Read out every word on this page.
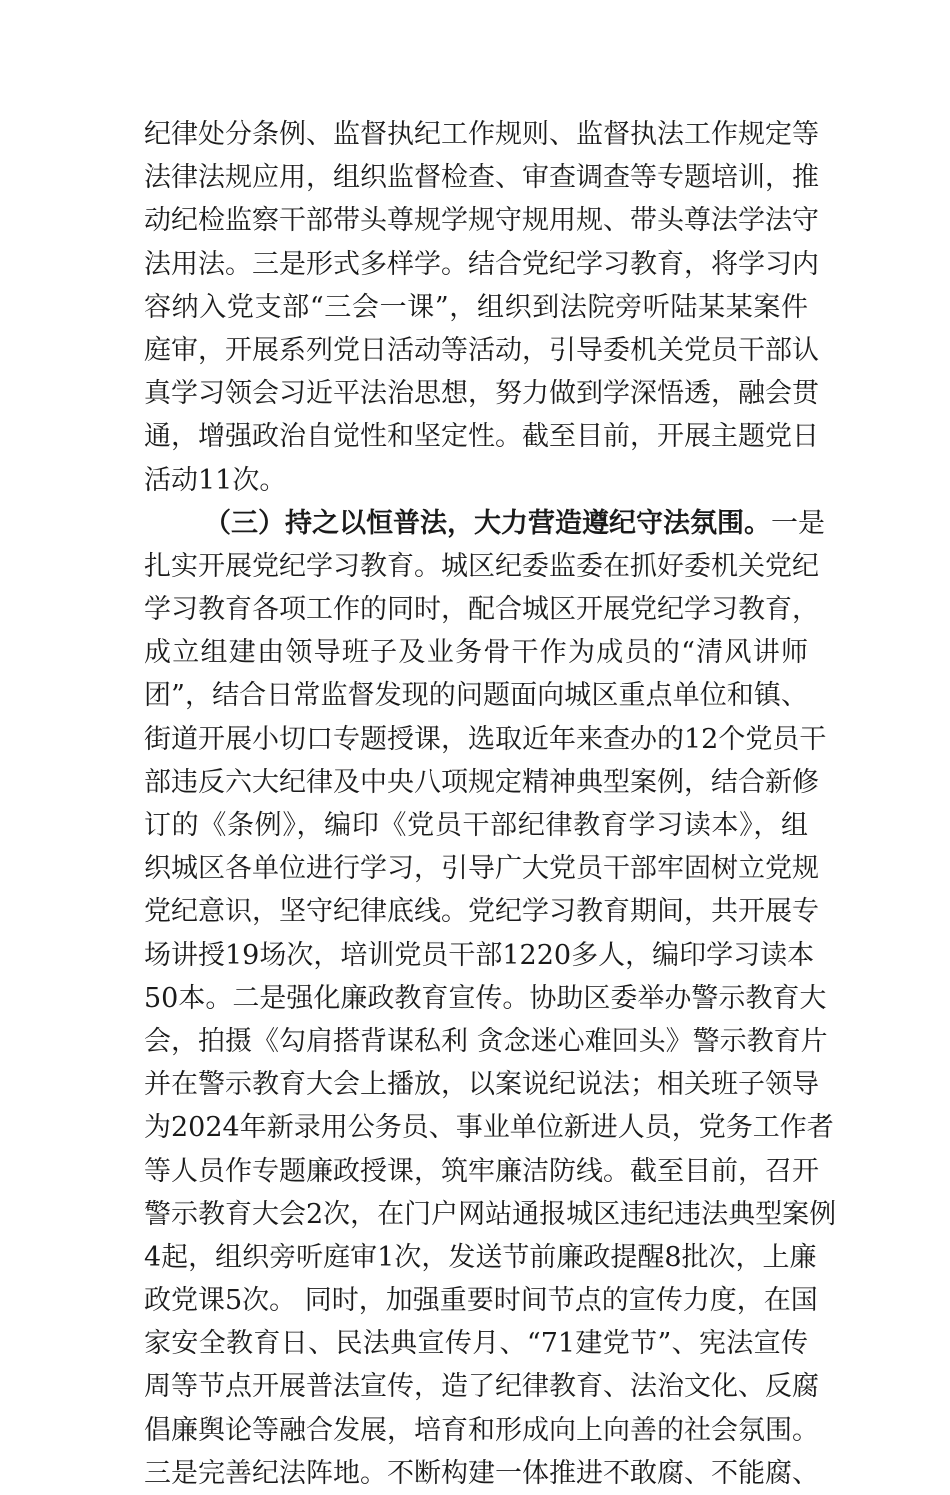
纪律处分条例、监督执纪工作规则、监督执法工作规定等
法律法规应用，组织监督检查、审查调查等专题培训，推
动纪检监察干部带头尊规学规守规用规、带头尊法学法守
法用法。三是形式多样学。结合党纪学习教育，将学习内
容纳入党支部“三会一课”，组织到法院旁听陆某某案件
庭审，开展系列党日活动等活动，引导委机关党员干部认
真学习领会习近平法治思想，努力做到学深悟透，融会贯
通，增强政治自觉性和坚定性。截至目前，开展主题党日
活动11次。
（三）持之以恒普法，大力营造遵纪守法氛围。一是
扎实开展党纪学习教育。城区纪委监委在抓好委机关党纪
学习教育各项工作的同时，配合城区开展党纪学习教育，
成立组建由领导班子及业务骨干作为成员的“清风讲师
团”，结合日常监督发现的问题面向城区重点单位和镇、
街道开展小切口专题授课，选取近年来查办的12个党员干
部违反六大纪律及中央八项规定精神典型案例，结合新修
订的《条例》，编印《党员干部纪律教育学习读本》，组
织城区各单位进行学习，引导广大党员干部牢固树立党规
党纪意识，坚守纪律底线。党纪学习教育期间，共开展专
场讲授19场次，培训党员干部1220多人，编印学习读本
50本。二是强化廉政教育宣传。协助区委举办警示教育大
会，拍摄《勾肩搭背谋私利 贪念迷心难回头》警示教育片
并在警示教育大会上播放，以案说纪说法；相关班子领导
为2024年新录用公务员、事业单位新进人员，党务工作者
等人员作专题廉政授课，筑牢廉洁防线。截至目前，召开
警示教育大会2次，在门户网站通报城区违纪违法典型案例
4起，组织旁听庭审1次，发送节前廉政提醒8批次，上廉
政党课5次。 同时，加强重要时间节点的宣传力度，在国
家安全教育日、民法典宣传月、“71建党节”、宪法宣传
周等节点开展普法宣传，造了纪律教育、法治文化、反腐
倡廉舆论等融合发展，培育和形成向上向善的社会氛围。
三是完善纪法阵地。不断构建一体推进不敢腐、不能腐、
